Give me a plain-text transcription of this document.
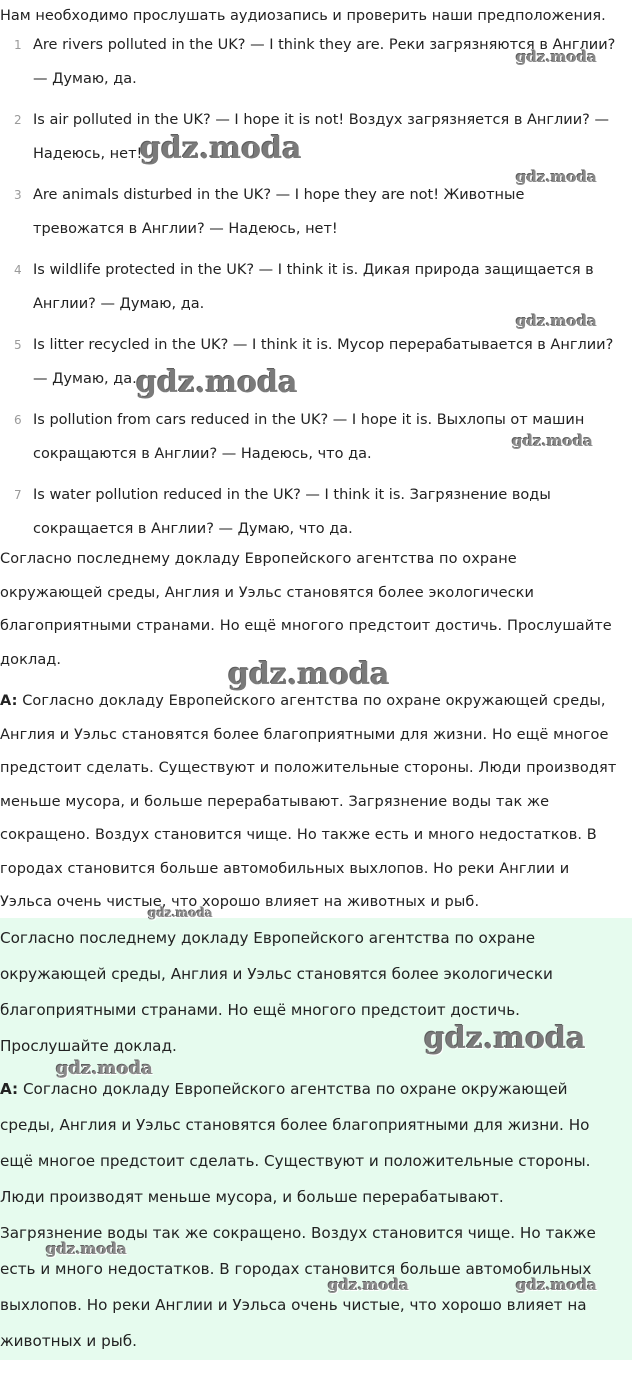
Нам необходимо прослушать аудиозапись и проверить наши предположения.
1 Are rivers polluted in the UK? — I think they are. Реки загрязняются в Англии?
— Думаю, да.
2 Is air polluted in the UK? — I hope it is not! Воздух загрязняется в Англии? —
Надеюсь, нет!
3 Are animals disturbed in the UK? — I hope they are not! Животные
тревожатся в Англии? — Надеюсь, нет!
4 Is wildlife protected in the UK? — I think it is. Дикая природа защищается в
Англии? — Думаю, да.
5 Is litter recycled in the UK? — I think it is. Мусор перерабатывается в Англии?
— Думаю, да.
6 Is pollution from cars reduced in the UK? — I hope it is. Выхлопы от машин
сокращаются в Англии? — Надеюсь, что да.
7 Is water pollution reduced in the UK? — I think it is. Загрязнение воды
сокращается в Англии? — Думаю, что да.
Согласно последнему докладу Европейского агентства по охране
окружающей среды, Англия и Уэльс становятся более экологически
благоприятными странами. Но ещё многого предстоит достичь. Прослушайте
доклад.
A: Согласно докладу Европейского агентства по охране окружающей среды,
Англия и Уэльс становятся более благоприятными для жизни. Но ещё многое
предстоит сделать. Существуют и положительные стороны. Люди производят
меньше мусора, и больше перерабатывают. Загрязнение воды так же
сокращено. Воздух становится чище. Но также есть и много недостатков. В
городах становится больше автомобильных выхлопов. Но реки Англии и
Уэльса очень чистые, что хорошо влияет на животных и рыб.
Согласно последнему докладу Европейского агентства по охране
окружающей среды, Англия и Уэльс становятся более экологически
благоприятными странами. Но ещё многого предстоит достичь.
Прослушайте доклад.
A: Согласно докладу Европейского агентства по охране окружающей
среды, Англия и Уэльс становятся более благоприятными для жизни. Но
ещё многое предстоит сделать. Существуют и положительные стороны.
Люди производят меньше мусора, и больше перерабатывают.
Загрязнение воды так же сокращено. Воздух становится чище. Но также
есть и много недостатков. В городах становится больше автомобильных
выхлопов. Но реки Англии и Уэльса очень чистые, что хорошо влияет на
животных и рыб.
gdz.moda
gdz.moda
gdz.moda
gdz.moda
gdz.moda
gdz.moda
gdz.moda
gdz.moda
gdz.moda
gdz.moda
gdz.moda
gdz.moda	gdz.moda
